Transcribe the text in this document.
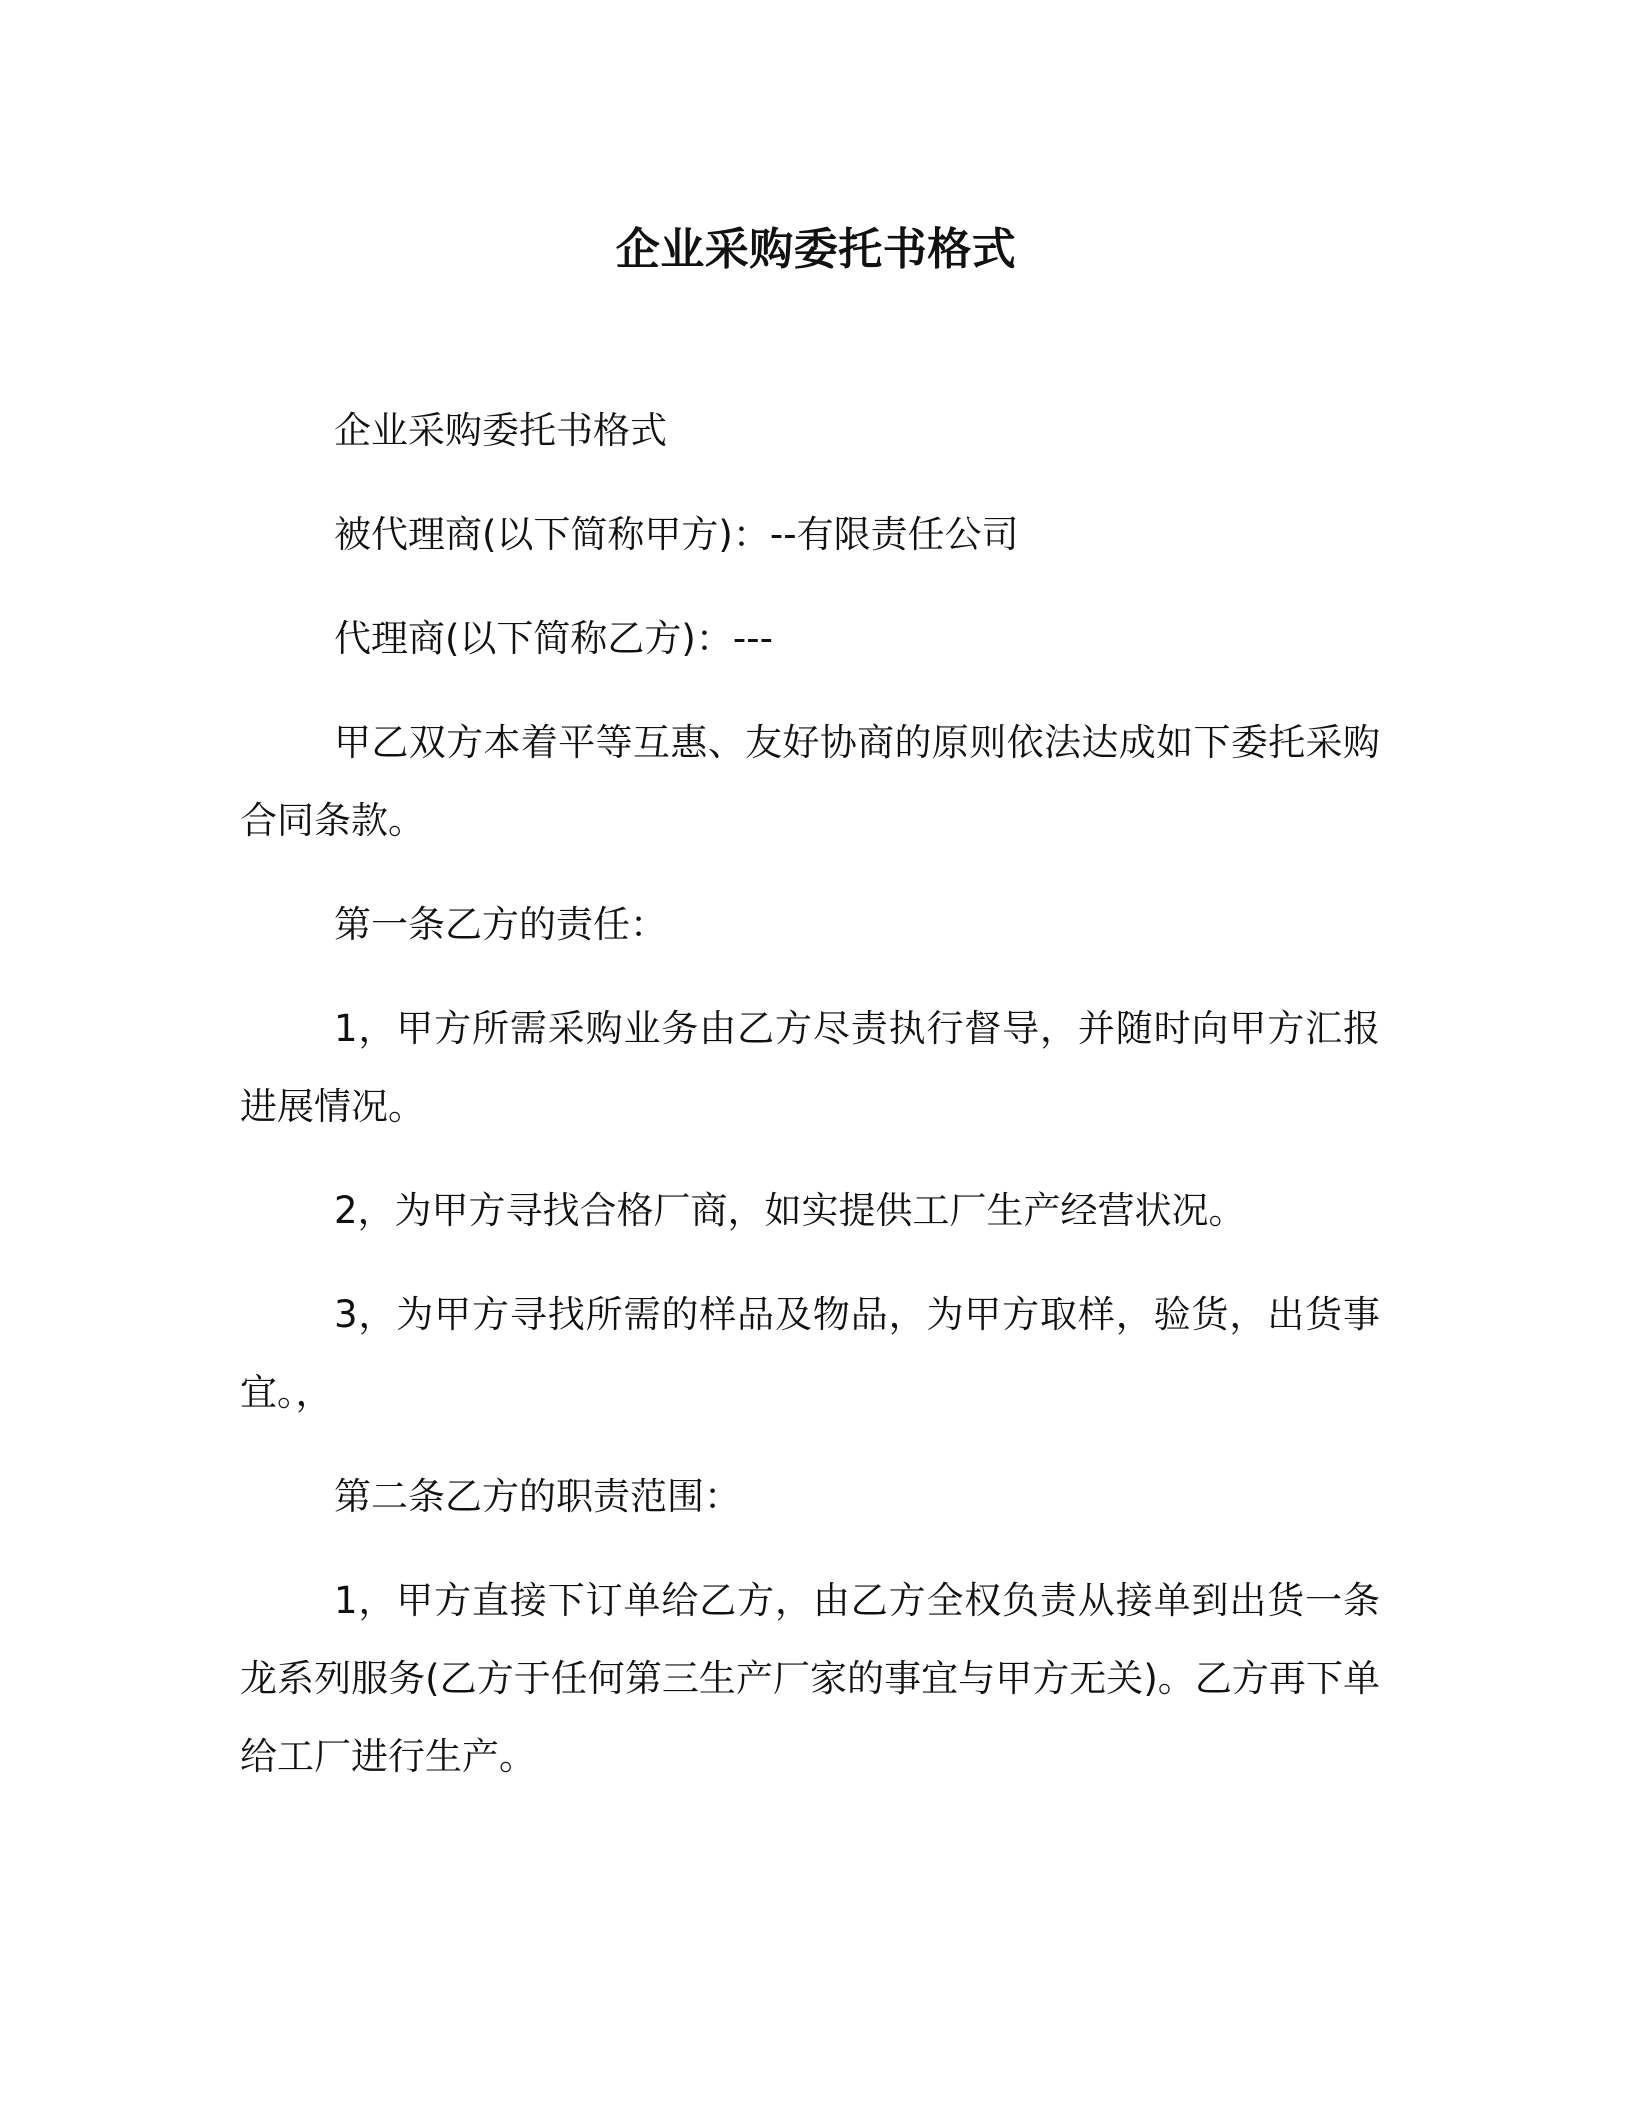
企业采购委托书格式

企业采购委托书格式

被代理商(以下简称甲方)：--有限责任公司

代理商(以下简称乙方)：---

甲乙双方本着平等互惠、友好协商的原则依法达成如下委托采购合同条款。

第一条乙方的责任：

1，甲方所需采购业务由乙方尽责执行督导，并随时向甲方汇报进展情况。

2，为甲方寻找合格厂商，如实提供工厂生产经营状况。

3，为甲方寻找所需的样品及物品，为甲方取样，验货，出货事宜。，

第二条乙方的职责范围：

1，甲方直接下订单给乙方，由乙方全权负责从接单到出货一条龙系列服务(乙方于任何第三生产厂家的事宜与甲方无关)。乙方再下单给工厂进行生产。
